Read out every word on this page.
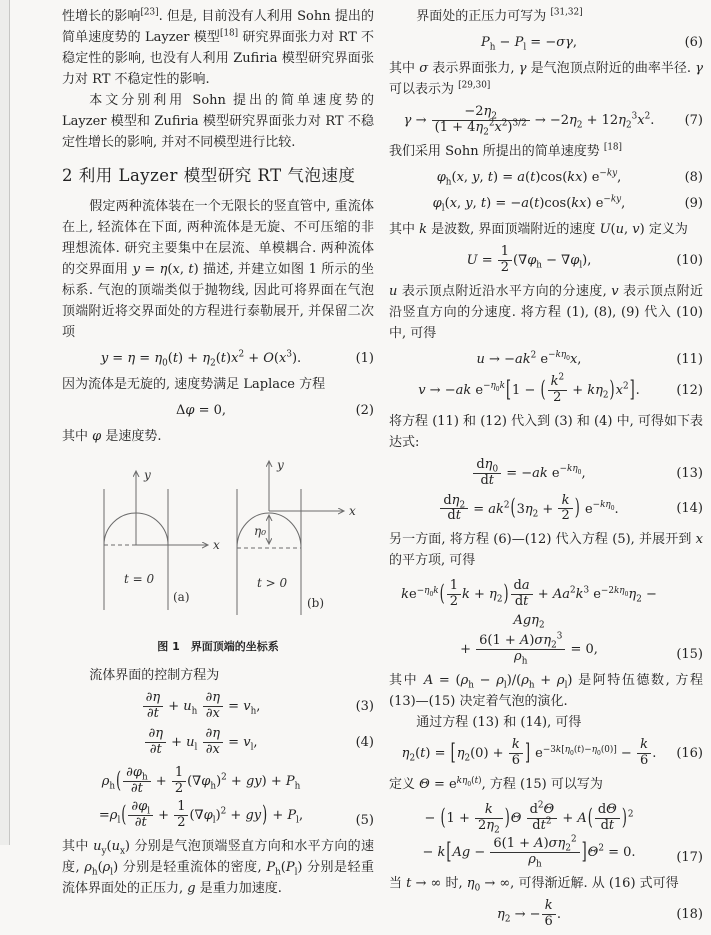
性增长的影响[23]. 但是, 目前没有人利用 Sohn 提出的简单速度势的 Layzer 模型[18] 研究界面张力对 RT 不稳定性的影响, 也没有人利用 Zufiria 模型研究界面张力对 RT 不稳定性的影响.

本文分别利用 Sohn 提出的简单速度势的 Layzer 模型和 Zufiria 模型研究界面张力对 RT 不稳定性增长的影响, 并对不同模型进行比较.

2 利用 Layzer 模型研究 RT 气泡速度

假定两种流体装在一个无限长的竖直管中, 重流体在上, 轻流体在下面, 两种流体是无旋、不可压缩的非理想流体. 研究主要集中在层流、单模耦合. 两种流体的交界面用 y = η(x, t) 描述, 并建立如图 1 所示的坐标系. 气泡的顶端类似于抛物线, 因此可将界面在气泡顶端附近将交界面处的方程进行泰勒展开, 并保留二次项

$y = \eta = \eta_0(t) + \eta_2(t)x^2 + O(x^3)$.	(1)

因为流体是无旋的, 速度势满足 Laplace 方程

Δφ = 0,	(2)

其中 φ 是速度势.

y
x
t = 0
(a)
y
x
η₀
t > 0
(b)
图 1　界面顶端的坐标系

流体界面的控制方程为

$\frac{\partial\eta}{\partial t} + u_h \frac{\partial\eta}{\partial x} = v_h$,	(3)
$\frac{\partial\eta}{\partial t} + u_l \frac{\partial\eta}{\partial x} = v_l$,	(4)
$\rho_h( \frac{\partial\varphi_h}{\partial t} + \frac{1}{2} (\nabla\varphi_h)^2 + gy) + P_h$
$=\rho_l( \frac{\partial\varphi_l}{\partial t} + \frac{1}{2} (\nabla\varphi_l)^2 + gy) + P_l$,	(5)

其中 $u_y(u_x)$ 分别是气泡顶端竖直方向和水平方向的速度, $\rho_h(\rho_l)$ 分别是轻重流体的密度, $P_h(P_l)$ 分别是轻重流体界面处的正压力, g 是重力加速度.

界面处的正压力可写为 [31,32]

$P_h - P_l = -\sigma\gamma$,	(6)

其中 σ 表示界面张力, γ 是气泡顶点附近的曲率半径. γ 可以表示为 [29,30]

$\gamma \to \frac{-2\eta_2}{(1 + 4\eta_2^2x^2)^{3/2}} \to -2\eta_2 + 12\eta_2^3x^2$.	(7)

我们采用 Sohn 所提出的简单速度势 [18]

$\varphi_h(x$, y, t) = a(t)cos(kx) $e^{-ky}$,	(8)
$\varphi_l(x$, y, t) = −a(t)cos(kx) $e^{-ky}$,	(9)

其中 k 是波数, 界面顶端附近的速度 U(u, v) 定义为

$U = \frac{1}{2} (\nabla\varphi_h - \nabla\varphi_l)$,	(10)

u 表示顶点附近沿水平方向的分速度, v 表示顶点附近沿竖直方向的分速度. 将方程 (1), (8), (9) 代入 (10) 中, 可得

$u \to -ak^2$ $e^{-k\eta_0}x$,	(11)
v → −ak $e^{-\eta_0k}[1$ − ( $\frac{k^2}{2} + k\eta_2)x^2$].	(12)

将方程 (11) 和 (12) 代入到 (3) 和 (4) 中, 可得如下表达式:

$\frac{d\eta_0}{dt} = -ak$ $e^{-k\eta_0}$,	(13)
$\frac{d\eta_2}{dt} = ak^2(3\eta_2 + \frac{k}{2}$ ) $e^{-k\eta_0}$.	(14)

另一方面, 将方程 (6)—(12) 代入方程 (5), 并展开到 x 的平方项, 可得

$ke^{-\eta_0k}( \frac{1}{2}$ $k + \eta_2) \frac{da}{dt} + Aa^2k^3$ $e^{-2k\eta_0}\eta_2 - Ag\eta_2$
+ $\frac{6(1 + A)\sigma\eta_2^3}{\rho_h} = 0$,	(15)

其中 $A = (\rho_h - \rho_l)/(\rho_h + \rho_l)$ 是阿特伍德数, 方程 (13)—(15) 决定着气泡的演化.

通过方程 (13) 和 (14), 可得

$\eta_2(t) = [\eta_2(0) + \frac{k}{6}$ ] $e^{-3k[\eta_0(t)-\eta_0(0)]} - \frac{k}{6}$ .	(16)

定义 $\Theta = e^{k\eta_0(t)}$, 方程 (15) 可以写为

− $(1 + \frac{k}{2\eta_2} )\Theta \frac{d^2\Theta}{dt^2} + A( \frac{d\Theta}{dt} )^2$
− $k[Ag - \frac{6(1 + A)\sigma\eta_2^2}{\rho_h} ]\Theta^2 = 0$.	(17)

当 t → ∞ 时, $\eta_0$ → ∞, 可得渐近解. 从 (16) 式可得

$\eta_2$ → − $\frac{k}{6}$ .	(18)
